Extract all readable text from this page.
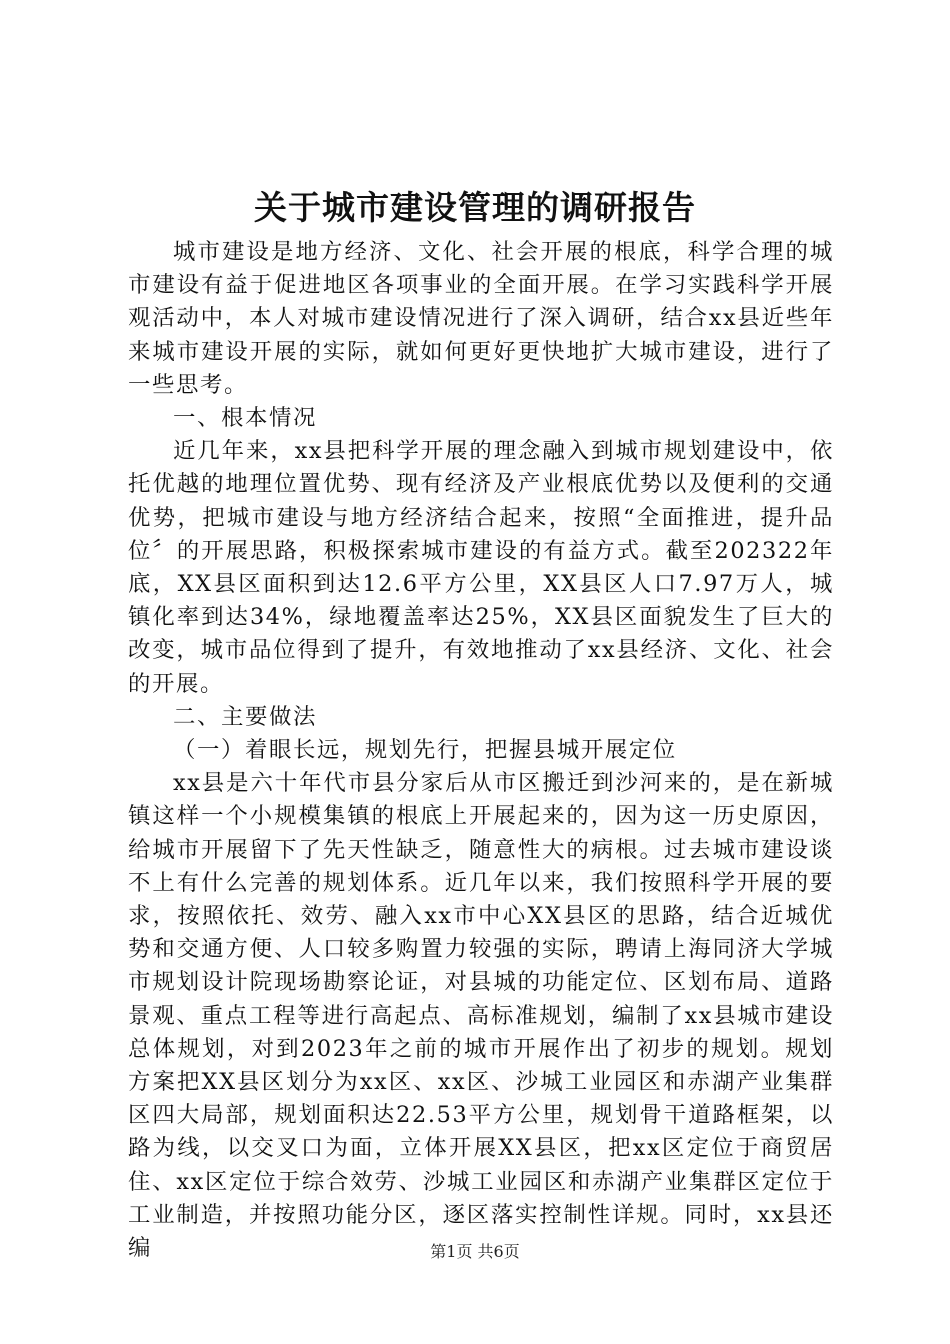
关于城市建设管理的调研报告

城市建设是地方经济、文化、社会开展的根底，科学合理的城市建设有益于促进地区各项事业的全面开展。在学习实践科学开展观活动中，本人对城市建设情况进行了深入调研，结合xx县近些年来城市建设开展的实际，就如何更好更快地扩大城市建设，进行了一些思考。

一、根本情况

近几年来，xx县把科学开展的理念融入到城市规划建设中，依托优越的地理位置优势、现有经济及产业根底优势以及便利的交通优势，把城市建设与地方经济结合起来，按照“全面推进，提升品位〞的开展思路，积极探索城市建设的有益方式。截至202322年底，XX县区面积到达12.6平方公里，XX县区人口7.97万人，城镇化率到达34%，绿地覆盖率达25%，XX县区面貌发生了巨大的改变，城市品位得到了提升，有效地推动了xx县经济、文化、社会的开展。

二、主要做法

（一）着眼长远，规划先行，把握县城开展定位

xx县是六十年代市县分家后从市区搬迁到沙河来的，是在新城镇这样一个小规模集镇的根底上开展起来的，因为这一历史原因，给城市开展留下了先天性缺乏，随意性大的病根。过去城市建设谈不上有什么完善的规划体系。近几年以来，我们按照科学开展的要求，按照依托、效劳、融入xx市中心XX县区的思路，结合近城优势和交通方便、人口较多购置力较强的实际，聘请上海同济大学城市规划设计院现场勘察论证，对县城的功能定位、区划布局、道路景观、重点工程等进行高起点、高标准规划，编制了xx县城市建设总体规划，对到2023年之前的城市开展作出了初步的规划。规划方案把XX县区划分为xx区、xx区、沙城工业园区和赤湖产业集群区四大局部，规划面积达22.53平方公里，规划骨干道路框架，以路为线，以交叉口为面，立体开展XX县区，把xx区定位于商贸居住、xx区定位于综合效劳、沙城工业园区和赤湖产业集群区定位于工业制造，并按照功能分区，逐区落实控制性详规。同时，xx县还编	第1页 共6页
